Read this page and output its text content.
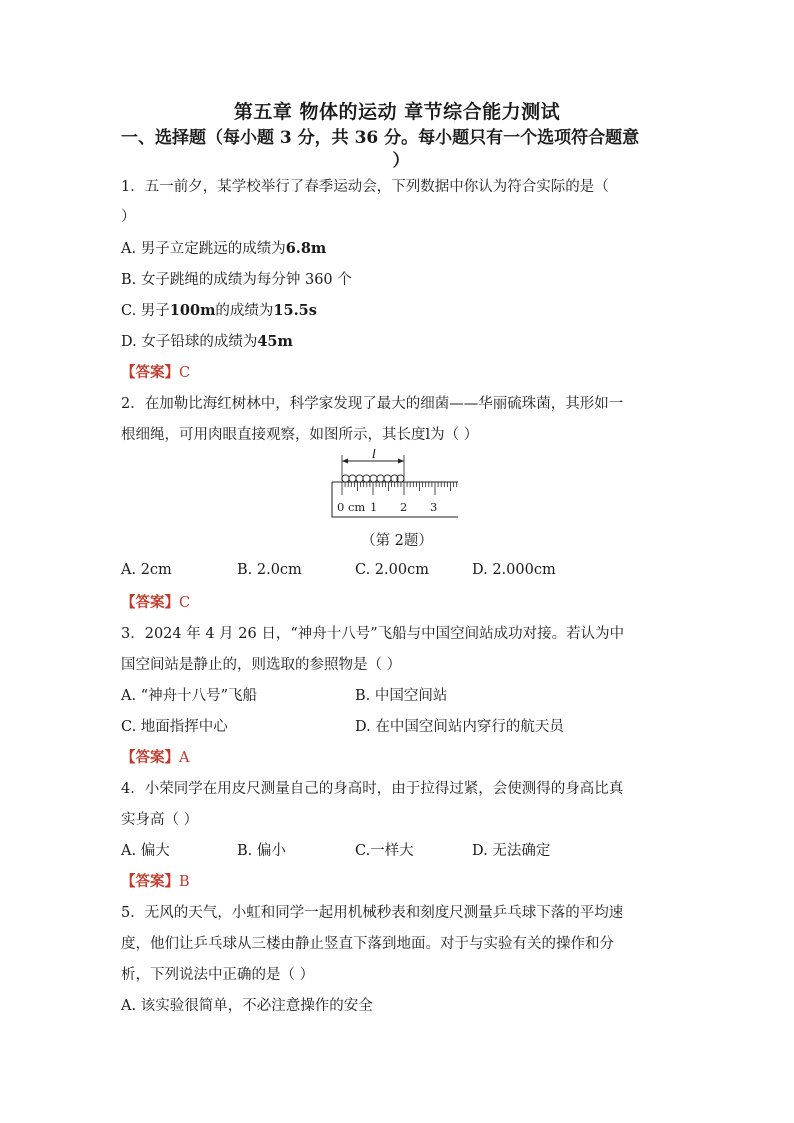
第五章 物体的运动 章节综合能力测试
一、选择题（每小题 3 分，共 36 分。每小题只有一个选项符合题意
）
1．五一前夕，某学校举行了春季运动会，下列数据中你认为符合实际的是（
）
A. 男子立定跳远的成绩为6.8m
B. 女子跳绳的成绩为每分钟 360 个
C. 男子100m的成绩为15.5s
D. 女子铅球的成绩为45m
【答案】C
2．在加勒比海红树林中，科学家发现了最大的细菌——华丽硫珠菌，其形如一
根细绳，可用肉眼直接观察，如图所示，其长度l为（ ）
l
0 cm 1 2 3
（第 2题）
A. 2cm	B. 2.0cm	C. 2.00cm	D. 2.000cm
【答案】C
3．2024 年 4 月 26 日，“神舟十八号”飞船与中国空间站成功对接。若认为中
国空间站是静止的，则选取的参照物是（ ）
A. “神舟十八号”飞船	B. 中国空间站
C. 地面指挥中心	D. 在中国空间站内穿行的航天员
【答案】A
4．小荣同学在用皮尺测量自己的身高时，由于拉得过紧，会使测得的身高比真
实身高（ ）
A. 偏大	B. 偏小	C.一样大	D. 无法确定
【答案】B
5．无风的天气，小虹和同学一起用机械秒表和刻度尺测量乒乓球下落的平均速
度，他们让乒乓球从三楼由静止竖直下落到地面。对于与实验有关的操作和分
析，下列说法中正确的是（ ）
A. 该实验很简单，不必注意操作的安全
